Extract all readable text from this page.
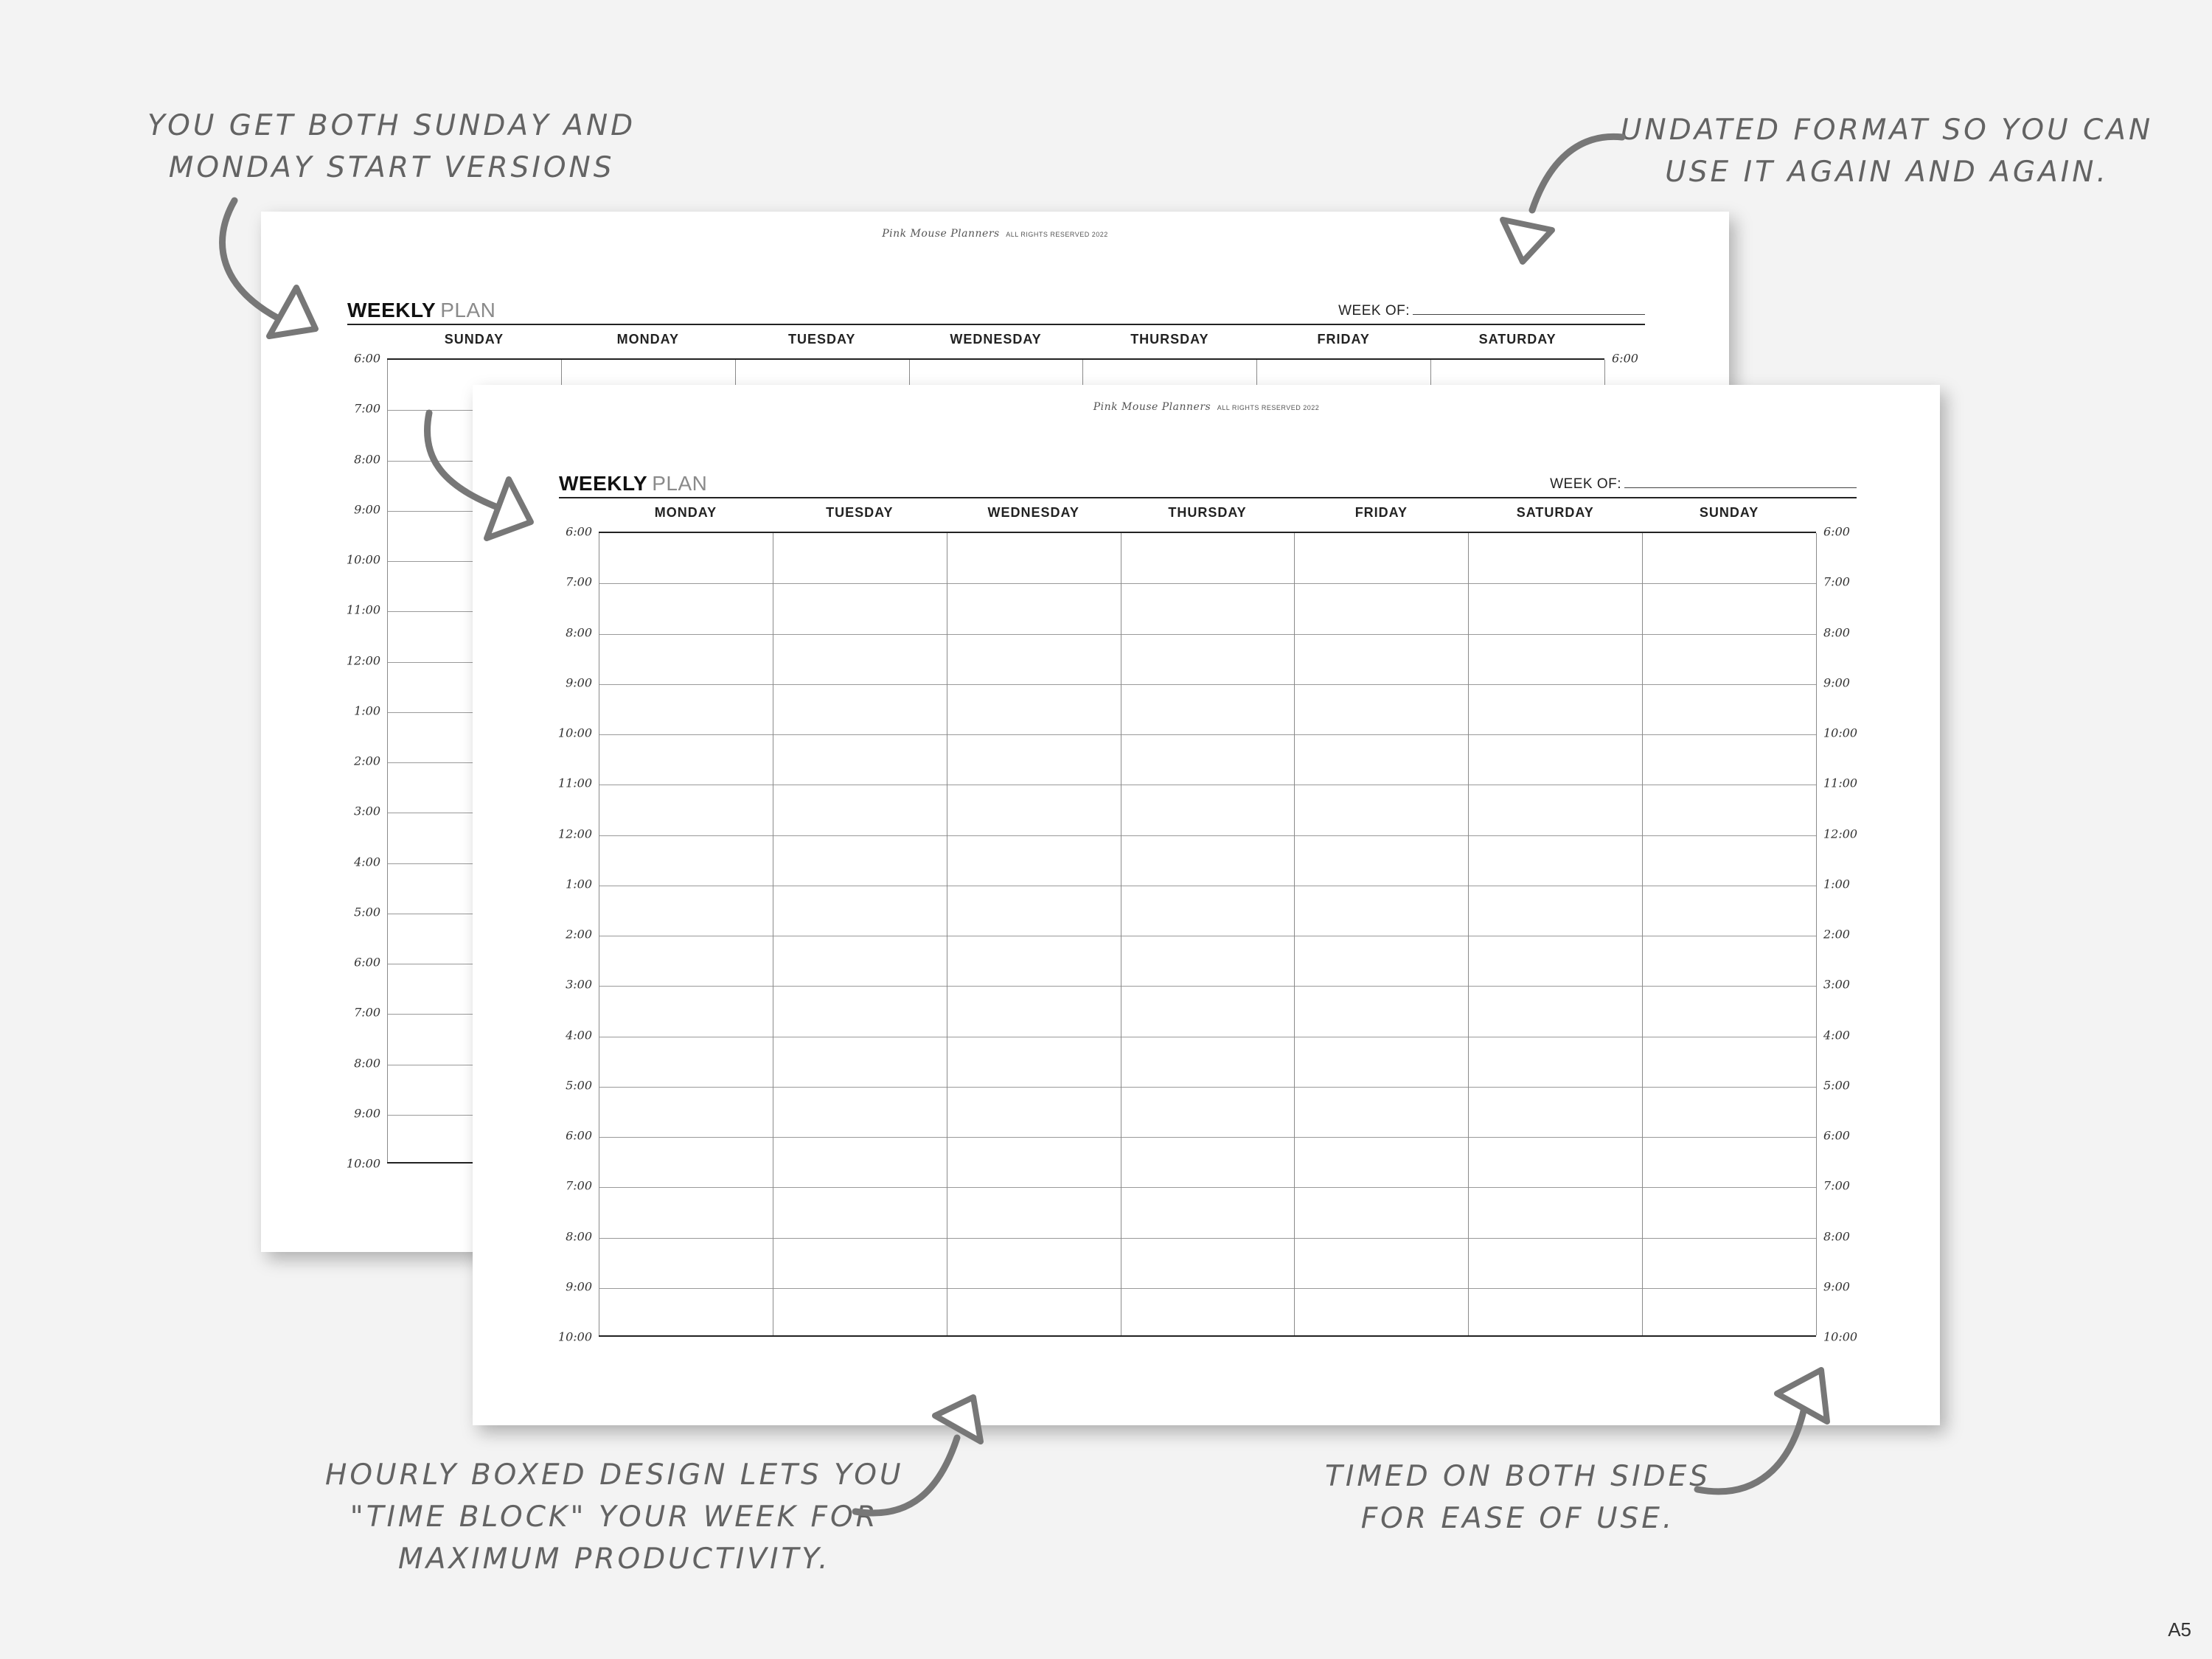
Pink Mouse Planners ALL RIGHTS RESERVED 2022
WEEKLY PLAN	WEEK OF:
SUNDAY	MONDAY	TUESDAY	WEDNESDAY	THURSDAY	FRIDAY	SATURDAY
6:00
7:00
8:00
9:00
10:00
11:00
12:00
1:00
2:00
3:00
4:00
5:00
6:00
7:00
8:00
9:00
10:00
6:00
Pink Mouse Planners ALL RIGHTS RESERVED 2022
WEEKLY PLAN	WEEK OF:
MONDAY	TUESDAY	WEDNESDAY	THURSDAY	FRIDAY	SATURDAY	SUNDAY
6:00
7:00
8:00
9:00
10:00
11:00
12:00
1:00
2:00
3:00
4:00
5:00
6:00
7:00
8:00
9:00
10:00
6:00
7:00
8:00
9:00
10:00
11:00
12:00
1:00
2:00
3:00
4:00
5:00
6:00
7:00
8:00
9:00
10:00
YOU GET BOTH SUNDAY AND
MONDAY START VERSIONS
UNDATED FORMAT SO YOU CAN
USE IT AGAIN AND AGAIN.
HOURLY BOXED DESIGN LETS YOU
"TIME BLOCK" YOUR WEEK FOR
MAXIMUM PRODUCTIVITY.
TIMED ON BOTH SIDES
FOR EASE OF USE.
A5
